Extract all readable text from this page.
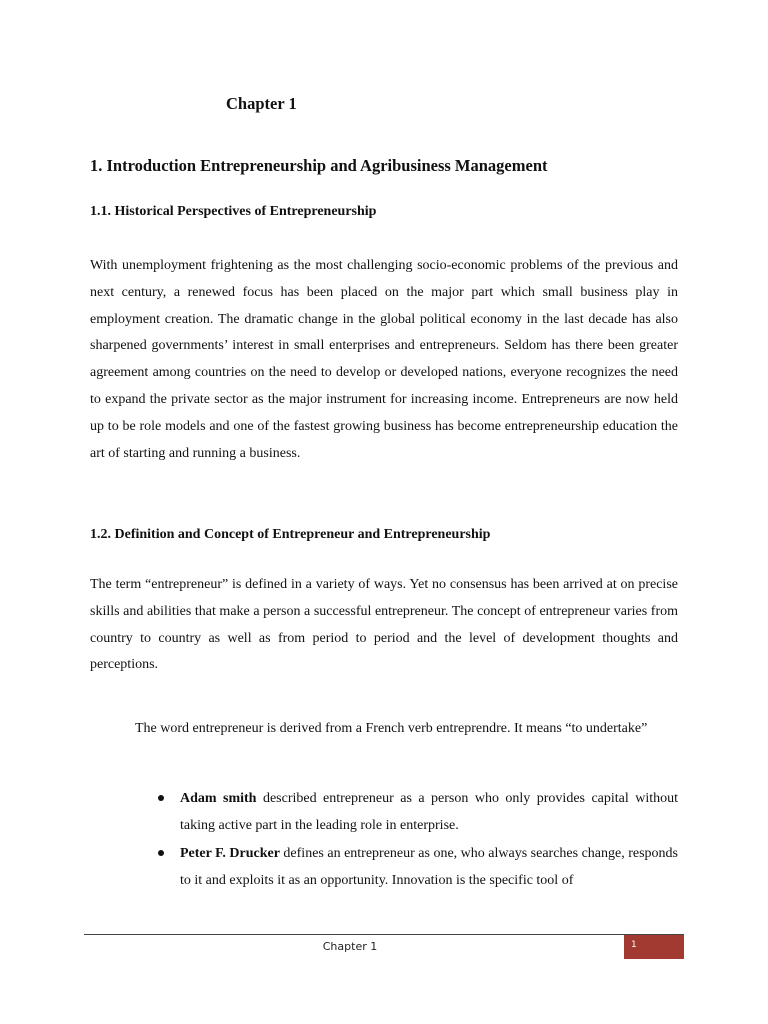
Chapter 1
1. Introduction Entrepreneurship and Agribusiness Management
1.1. Historical Perspectives of Entrepreneurship

With unemployment frightening as the most challenging socio-economic problems of the previous and next century, a renewed focus has been placed on the major part which small business play in employment creation. The dramatic change in the global political economy in the last decade has also sharpened governments’ interest in small enterprises and entrepreneurs. Seldom has there been greater agreement among countries on the need to develop or developed nations, everyone recognizes the need to expand the private sector as the major instrument for increasing income. Entrepreneurs are now held up to be role models and one of the fastest growing business has become entrepreneurship education the art of starting and running a business.

1.2. Definition and Concept of Entrepreneur and Entrepreneurship

The term “entrepreneur” is defined in a variety of ways. Yet no consensus has been arrived at on precise skills and abilities that make a person a successful entrepreneur. The concept of entrepreneur varies from country to country as well as from period to period and the level of development thoughts and perceptions.

The word entrepreneur is derived from a French verb entreprendre. It means “to undertake”

Adam smith described entrepreneur as a person who only provides capital without taking active part in the leading role in enterprise.
Peter F. Drucker defines an entrepreneur as one, who always searches change, responds to it and exploits it as an opportunity. Innovation is the specific tool of
Chapter 1	1
